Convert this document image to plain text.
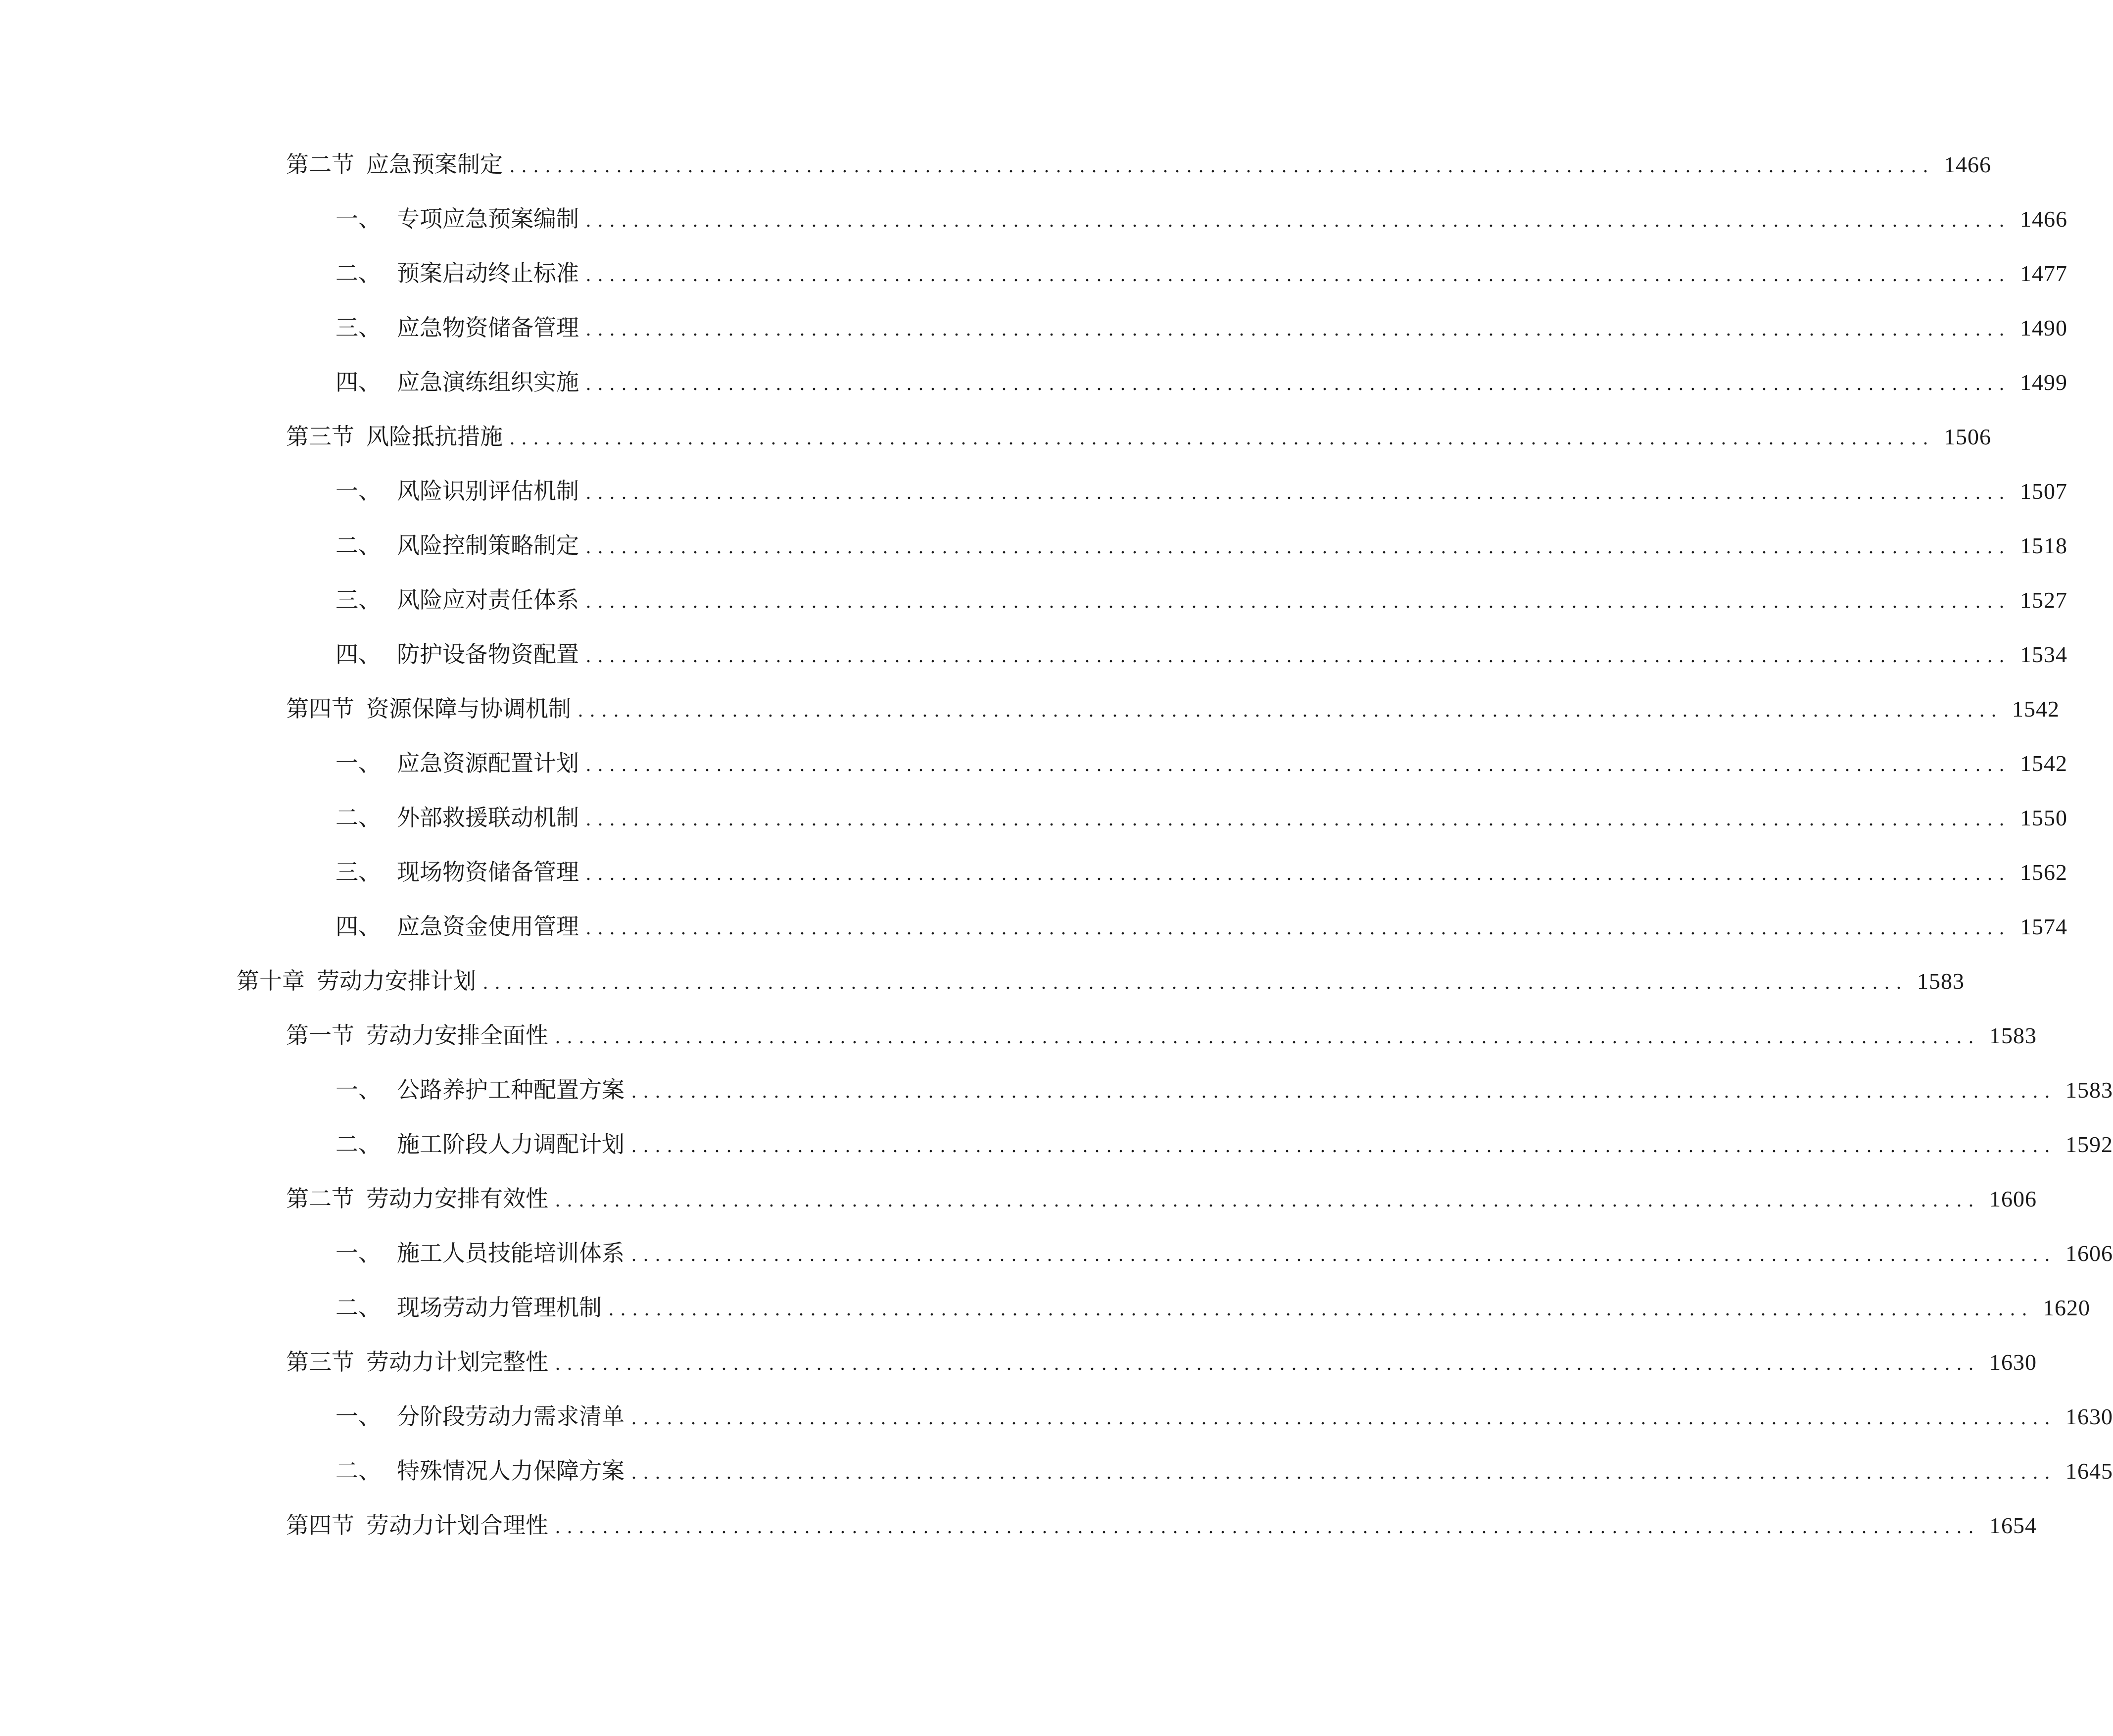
第二节 应急预案制定 ........................................................................................................................ 1466
一、 专项应急预案编制 ........................................................................................................................ 1466
二、 预案启动终止标准 ........................................................................................................................ 1477
三、 应急物资储备管理 ........................................................................................................................ 1490
四、 应急演练组织实施 ........................................................................................................................ 1499
第三节 风险抵抗措施 ........................................................................................................................ 1506
一、 风险识别评估机制 ........................................................................................................................ 1507
二、 风险控制策略制定 ........................................................................................................................ 1518
三、 风险应对责任体系 ........................................................................................................................ 1527
四、 防护设备物资配置 ........................................................................................................................ 1534
第四节 资源保障与协调机制 ........................................................................................................................ 1542
一、 应急资源配置计划 ........................................................................................................................ 1542
二、 外部救援联动机制 ........................................................................................................................ 1550
三、 现场物资储备管理 ........................................................................................................................ 1562
四、 应急资金使用管理 ........................................................................................................................ 1574
第十章 劳动力安排计划 ........................................................................................................................ 1583
第一节 劳动力安排全面性 ........................................................................................................................ 1583
一、 公路养护工种配置方案 ........................................................................................................................ 1583
二、 施工阶段人力调配计划 ........................................................................................................................ 1592
第二节 劳动力安排有效性 ........................................................................................................................ 1606
一、 施工人员技能培训体系 ........................................................................................................................ 1606
二、 现场劳动力管理机制 ........................................................................................................................ 1620
第三节 劳动力计划完整性 ........................................................................................................................ 1630
一、 分阶段劳动力需求清单 ........................................................................................................................ 1630
二、 特殊情况人力保障方案 ........................................................................................................................ 1645
第四节 劳动力计划合理性 ........................................................................................................................ 1654
